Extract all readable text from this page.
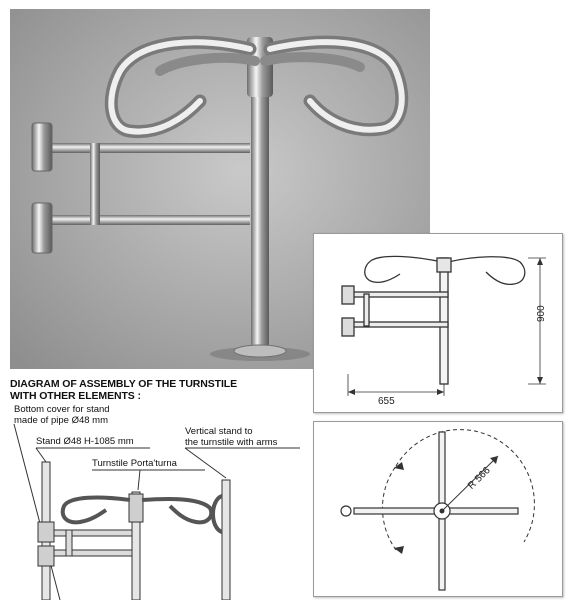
DIAGRAM OF ASSEMBLY OF THE TURNSTILE
WITH OTHER ELEMENTS :
Bottom cover for stand
made of pipe Ø48 mm
Stand Ø48 H-1085 mm
Vertical stand to
the turnstile with arms
Turnstile Porta'turna
655
900
R 566
